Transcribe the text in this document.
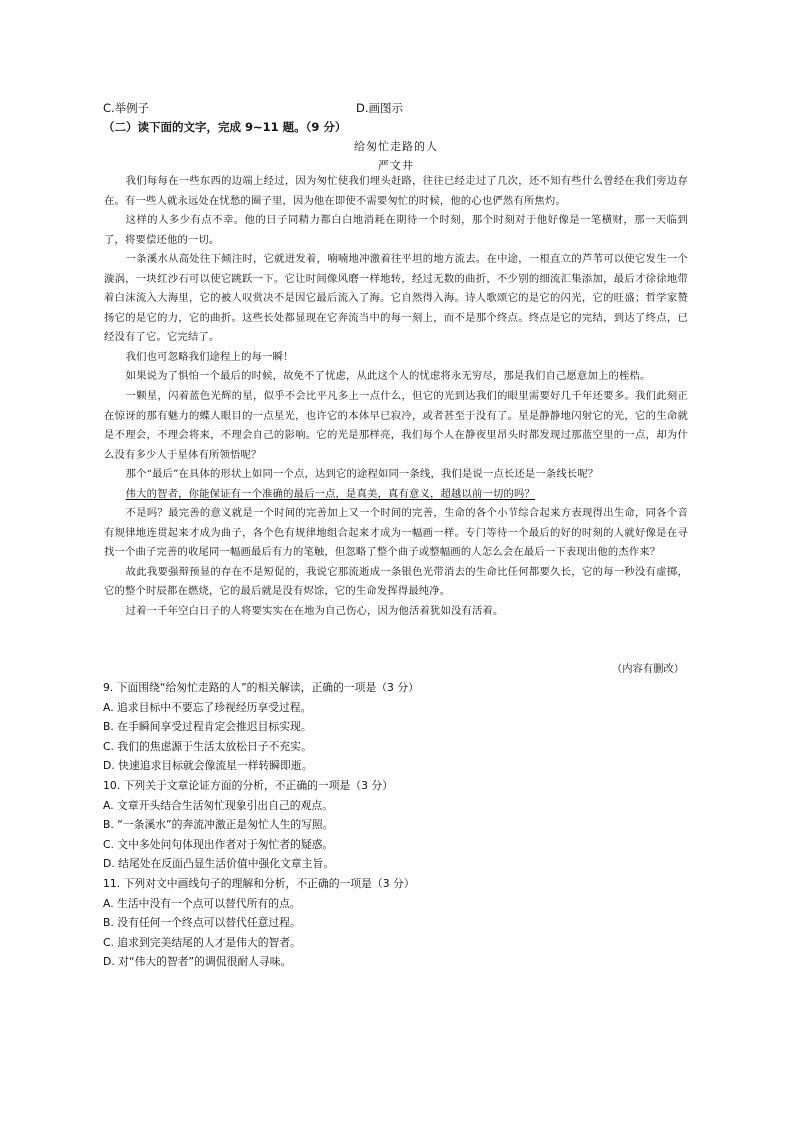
C.举例子	D.画图示
（二）读下面的文字，完成 9~11 题。（9 分）
给匆忙走路的人
严文井

我们每每在一些东西的边端上经过，因为匆忙使我们埋头赶路，往往已经走过了几次，还不知有些什么曾经在我们旁边存在。有一些人就永远处在忧愁的圈子里，因为他在即使不需要匆忙的时候，他的心也俨然有所焦灼。

这样的人多少有点不幸。他的日子同精力都白白地消耗在期待一个时刻，那个时刻对于他好像是一笔横财，那一天临到了，将要偿还他的一切。

一条溪水从高处往下倾注时，它就迸发着，喃喃地冲激着往平坦的地方流去。在中途，一根直立的芦苇可以使它发生一个漩涡，一块红沙石可以使它跳跃一下。它让时间像风磨一样地转，经过无数的曲折，不少别的细流汇集添加，最后才徐徐地带着白沫流入大海里，它的被人叹赏决不是因它最后流入了海。它自然得入海。诗人歌颂它的是它的闪光，它的旺盛；哲学家赞扬它的是它的力，它的曲折。这些长处都显现在它奔流当中的每一刻上，而不是那个终点。终点是它的完结，到达了终点，已经没有了它。它完结了。

我们也可忽略我们途程上的每一瞬！

如果说为了惧怕一个最后的时候，故免不了忧虑，从此这个人的忧虑将永无穷尽，那是我们自己愿意加上的桎梏。

一颗星，闪着蓝色光辉的星，似乎不会比平凡多上一点什么，但它的光到达我们的眼里需要好几千年还要多。我们此刻正在惊讶的那有魅力的蝶人眼目的一点星光，也许它的本体早已寂冷，或者甚至于没有了。星是静静地闪射它的光，它的生命就是不理会，不理会将来，不理会自己的影响。它的光是那样亮，我们每个人在静夜里昂头时都发现过那蓝空里的一点，却为什么没有多少人于星体有所领悟呢？

那个“最后”在具体的形状上如同一个点，达到它的途程如同一条线，我们是说一点长还是一条线长呢？

伟大的智者，你能保证有一个准确的最后一点，是真美，真有意义，超越以前一切的吗？

不是吗？最完善的意义就是一个时间的完善加上又一个时间的完善，生命的各个小节综合起来方表现得出生命，同各个音有规律地连贯起来才成为曲子，各个色有规律地组合起来才成为一幅画一样。专门等待一个最后的好的时刻的人就好像是在寻找一个曲子完善的收尾同一幅画最后有力的笔触，但忽略了整个曲子或整幅画的人怎么会在最后一下表现出他的杰作来？

故此我要强辩预显的存在不是短促的，我说它那流逝成一条银色光带消去的生命比任何都要久长，它的每一秒没有虚掷，它的整个时辰都在燃烧，它的最后就是没有烬馀，它的生命发挥得最纯净。

过着一千年空白日子的人将要实实在在地为自己伤心，因为他活着犹如没有活着。

（内容有删改）
9. 下面围绕“给匆忙走路的人”的相关解读，正确的一项是（3 分）
A. 追求目标中不要忘了珍视经历享受过程。
B. 在手瞬间享受过程肯定会推迟目标实现。
C. 我们的焦虑源于生活太放松日子不充实。
D. 快速追求目标就会像流星一样转瞬即逝。
10. 下列关于文章论证方面的分析，不正确的一项是（3 分）
A. 文章开头结合生活匆忙现象引出自己的观点。
B. “一条溪水”的奔流冲激正是匆忙人生的写照。
C. 文中多处问句体现出作者对于匆忙者的疑惑。
D. 结尾处在反面凸显生活价值中强化文章主旨。
11. 下列对文中画线句子的理解和分析，不正确的一项是（3 分）
A. 生活中没有一个点可以替代所有的点。
B. 没有任何一个终点可以替代任意过程。
C. 追求到完美结尾的人才是伟大的智者。
D. 对“伟大的智者”的调侃很耐人寻味。
